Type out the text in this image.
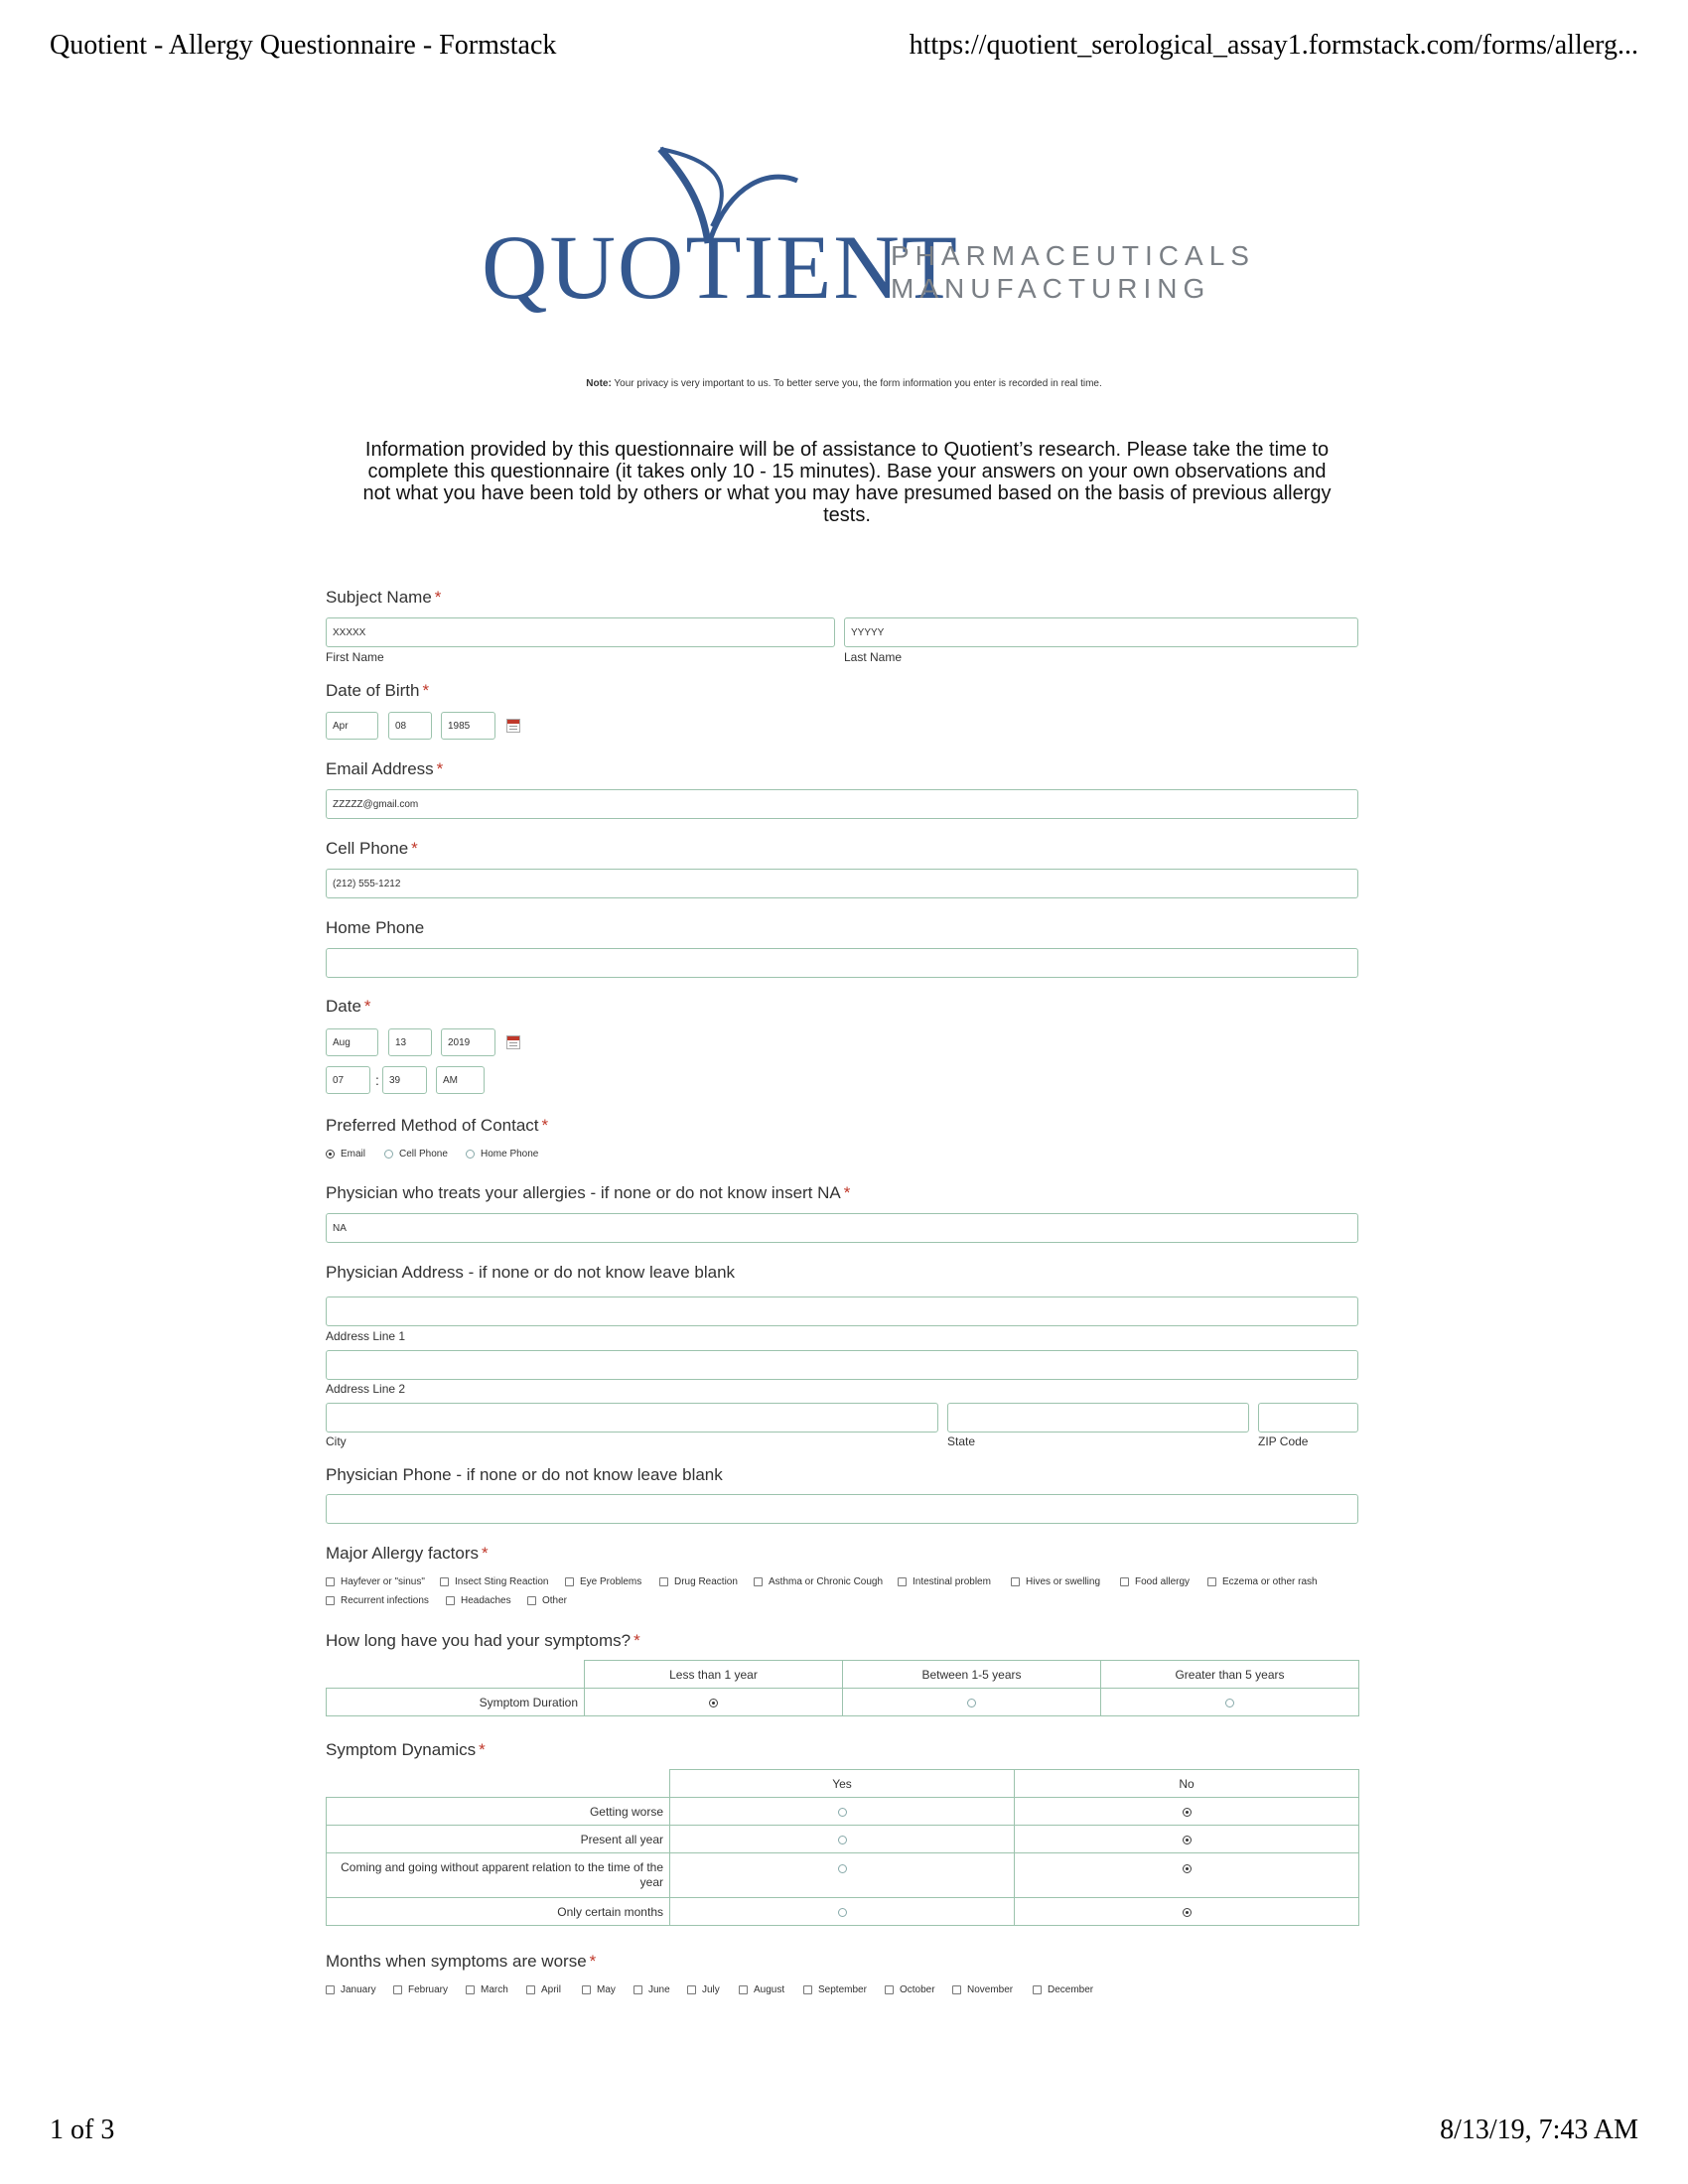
Quotient - Allergy Questionnaire - Formstack	https://quotient_serological_assay1.formstack.com/forms/allerg...
QUOTIENT
PHARMACEUTICALS
MANUFACTURING
Note: Your privacy is very important to us. To better serve you, the form information you enter is recorded in real time.
Information provided by this questionnaire will be of assistance to Quotient’s research. Please take the time to complete this questionnaire (it takes only 10 - 15 minutes). Base your answers on your own observations and not what you have been told by others or what you may have presumed based on the basis of previous allergy tests.
Subject Name *
XXXXX
First Name
YYYYY	Last Name
Date of Birth *
Apr
08
1985
Email Address *
ZZZZZ@gmail.com
Cell Phone *
(212) 555-1212
Home Phone
Date *
Aug
13
2019
07
:
39
AM
Preferred Method of Contact *
Email	Cell Phone	Home Phone
Physician who treats your allergies - if none or do not know insert NA *
NA
Physician Address - if none or do not know leave blank
Address Line 1
Address Line 2
City	State	ZIP Code
Physician Phone - if none or do not know leave blank
Major Allergy factors *
Hayfever or "sinus"	Insect Sting Reaction	Eye Problems	Drug Reaction	Asthma or Chronic Cough	Intestinal problem	Hives or swelling	Food allergy	Eczema or other rash
Recurrent infections	Headaches	Other
How long have you had your symptoms? *
	Less than 1 year	Between 1-5 years	Greater than 5 years
Symptom Duration			
Symptom Dynamics *
	Yes	No
Getting worse		
Present all year		
Coming and going without apparent relation to the time of the year		
Only certain months		
Months when symptoms are worse *
January	February	March	April	May	June	July	August	September	October	November	December
1 of 3	8/13/19, 7:43 AM
